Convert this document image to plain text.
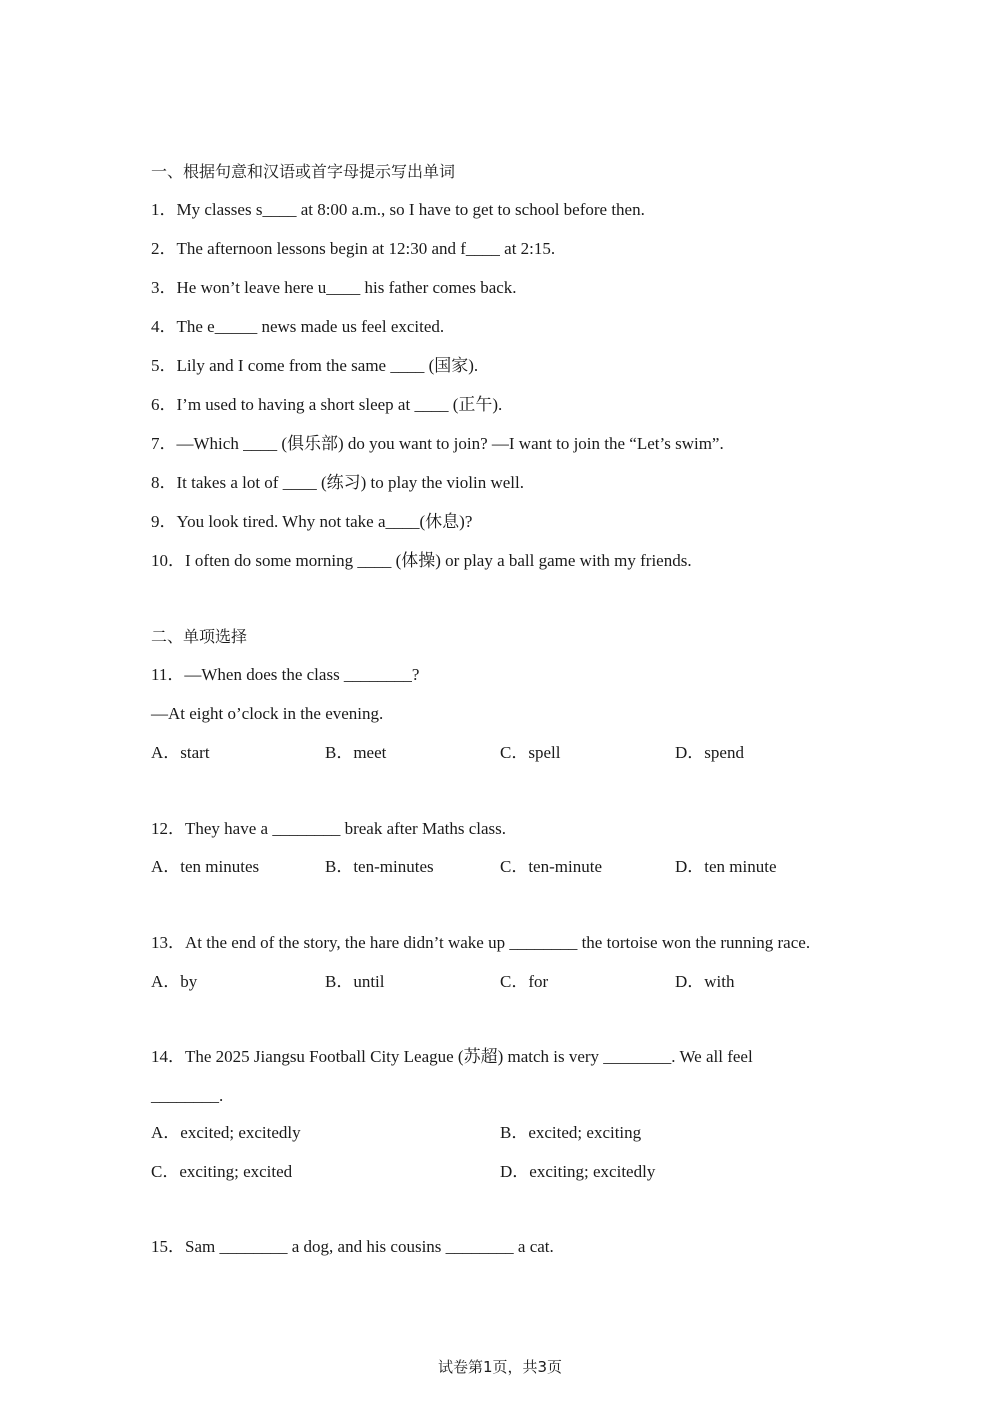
一、根据句意和汉语或首字母提示写出单词
1．My classes s____ at 8:00 a.m., so I have to get to school before then.
2．The afternoon lessons begin at 12:30 and f____ at 2:15.
3．He won’t leave here u____ his father comes back.
4．The e_____ news made us feel excited.
5．Lily and I come from the same ____ (国家).
6．I’m used to having a short sleep at ____ (正午).
7．—Which ____ (俱乐部) do you want to join? —I want to join the “Let’s swim”.
8．It takes a lot of ____ (练习) to play the violin well.
9．You look tired. Why not take a____(休息)?
10．I often do some morning ____ (体操) or play a ball game with my friends.
二、单项选择
11．—When does the class ________?
—At eight o’clock in the evening.
A．start	B．meet	C．spell	D．spend
12．They have a ________ break after Maths class.
A．ten minutes	B．ten-minutes	C．ten-minute	D．ten minute
13．At the end of the story, the hare didn’t wake up ________ the tortoise won the running race.
A．by	B．until	C．for	D．with
14．The 2025 Jiangsu Football City League (苏超) match is very ________. We all feel
________.
A．excited; excitedly	B．excited; exciting
C．exciting; excited	D．exciting; excitedly
15．Sam ________ a dog, and his cousins ________ a cat.
试卷第1页，共3页
